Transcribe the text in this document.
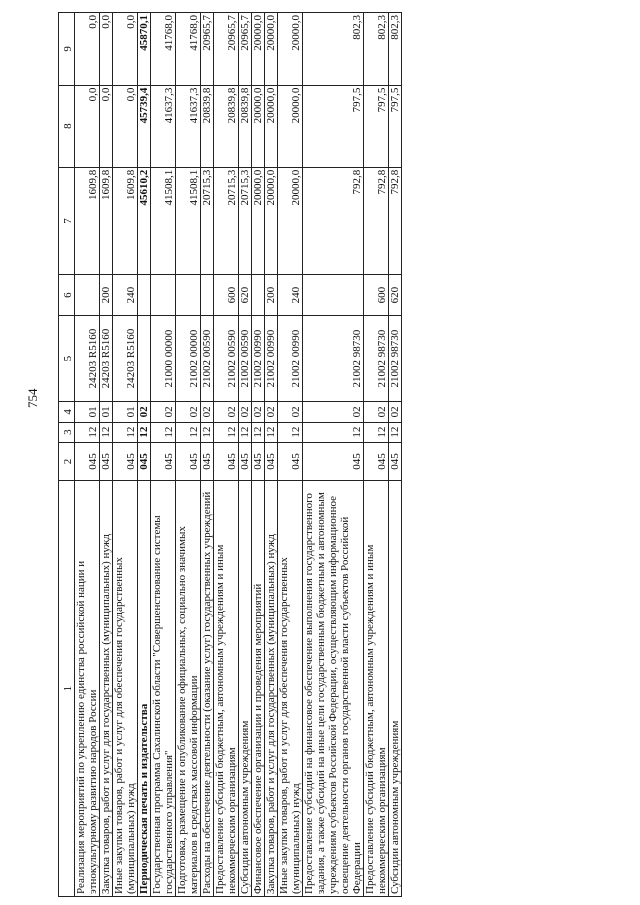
754
1	2	3	4	5	6	7	8	9
Реализация мероприятий по укреплению единства российской нации и этнокультурному развитию народов России	045	12	01	24203 R5160		1609,8	0,0	0,0
Закупка товаров, работ и услуг для государственных (муниципальных) нужд	045	12	01	24203 R5160	200	1609,8	0,0	0,0
Иные закупки товаров, работ и услуг для обеспечения государственных (муниципальных) нужд	045	12	01	24203 R5160	240	1609,8	0,0	0,0
Периодическая печать и издательства	045	12	02			45610,2	45739,4	45870,1
Государственная программа Сахалинской области "Совершенствование системы государственного управления"	045	12	02	21000 00000		41508,1	41637,3	41768,0
Подготовка, размещение и опубликование официальных, социально значимых материалов в средствах массовой информации	045	12	02	21002 00000		41508,1	41637,3	41768,0
Расходы на обеспечение деятельности (оказание услуг) государственных учреждений	045	12	02	21002 00590		20715,3	20839,8	20965,7
Предоставление субсидий бюджетным, автономным учреждениям и иным некоммерческим организациям	045	12	02	21002 00590	600	20715,3	20839,8	20965,7
Субсидии автономным учреждениям	045	12	02	21002 00590	620	20715,3	20839,8	20965,7
Финансовое обеспечение организации и проведения мероприятий	045	12	02	21002 00990		20000,0	20000,0	20000,0
Закупка товаров, работ и услуг для государственных (муниципальных) нужд	045	12	02	21002 00990	200	20000,0	20000,0	20000,0
Иные закупки товаров, работ и услуг для обеспечения государственных (муниципальных) нужд	045	12	02	21002 00990	240	20000,0	20000,0	20000,0
Предоставление субсидий на финансовое обеспечение выполнения государственного задания, а также субсидий на иные цели государственным бюджетным и автономным учреждениям субъектов Российской Федерации, осуществляющим информационное освещение деятельности органов государственной власти субъектов Российской Федерации	045	12	02	21002 98730		792,8	797,5	802,3
Предоставление субсидий бюджетным, автономным учреждениям и иным некоммерческим организациям	045	12	02	21002 98730	600	792,8	797,5	802,3
Субсидии автономным учреждениям	045	12	02	21002 98730	620	792,8	797,5	802,3
